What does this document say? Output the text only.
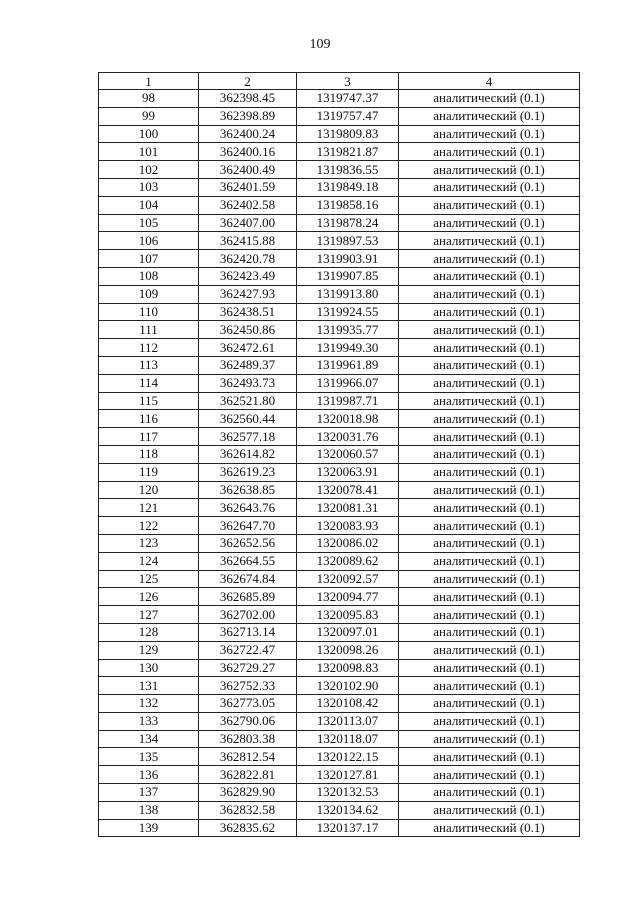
109
1	2	3	4
98	362398.45	1319747.37	аналитический (0.1)
99	362398.89	1319757.47	аналитический (0.1)
100	362400.24	1319809.83	аналитический (0.1)
101	362400.16	1319821.87	аналитический (0.1)
102	362400.49	1319836.55	аналитический (0.1)
103	362401.59	1319849.18	аналитический (0.1)
104	362402.58	1319858.16	аналитический (0.1)
105	362407.00	1319878.24	аналитический (0.1)
106	362415.88	1319897.53	аналитический (0.1)
107	362420.78	1319903.91	аналитический (0.1)
108	362423.49	1319907.85	аналитический (0.1)
109	362427.93	1319913.80	аналитический (0.1)
110	362438.51	1319924.55	аналитический (0.1)
111	362450.86	1319935.77	аналитический (0.1)
112	362472.61	1319949.30	аналитический (0.1)
113	362489.37	1319961.89	аналитический (0.1)
114	362493.73	1319966.07	аналитический (0.1)
115	362521.80	1319987.71	аналитический (0.1)
116	362560.44	1320018.98	аналитический (0.1)
117	362577.18	1320031.76	аналитический (0.1)
118	362614.82	1320060.57	аналитический (0.1)
119	362619.23	1320063.91	аналитический (0.1)
120	362638.85	1320078.41	аналитический (0.1)
121	362643.76	1320081.31	аналитический (0.1)
122	362647.70	1320083.93	аналитический (0.1)
123	362652.56	1320086.02	аналитический (0.1)
124	362664.55	1320089.62	аналитический (0.1)
125	362674.84	1320092.57	аналитический (0.1)
126	362685.89	1320094.77	аналитический (0.1)
127	362702.00	1320095.83	аналитический (0.1)
128	362713.14	1320097.01	аналитический (0.1)
129	362722.47	1320098.26	аналитический (0.1)
130	362729.27	1320098.83	аналитический (0.1)
131	362752.33	1320102.90	аналитический (0.1)
132	362773.05	1320108.42	аналитический (0.1)
133	362790.06	1320113.07	аналитический (0.1)
134	362803.38	1320118.07	аналитический (0.1)
135	362812.54	1320122.15	аналитический (0.1)
136	362822.81	1320127.81	аналитический (0.1)
137	362829.90	1320132.53	аналитический (0.1)
138	362832.58	1320134.62	аналитический (0.1)
139	362835.62	1320137.17	аналитический (0.1)
